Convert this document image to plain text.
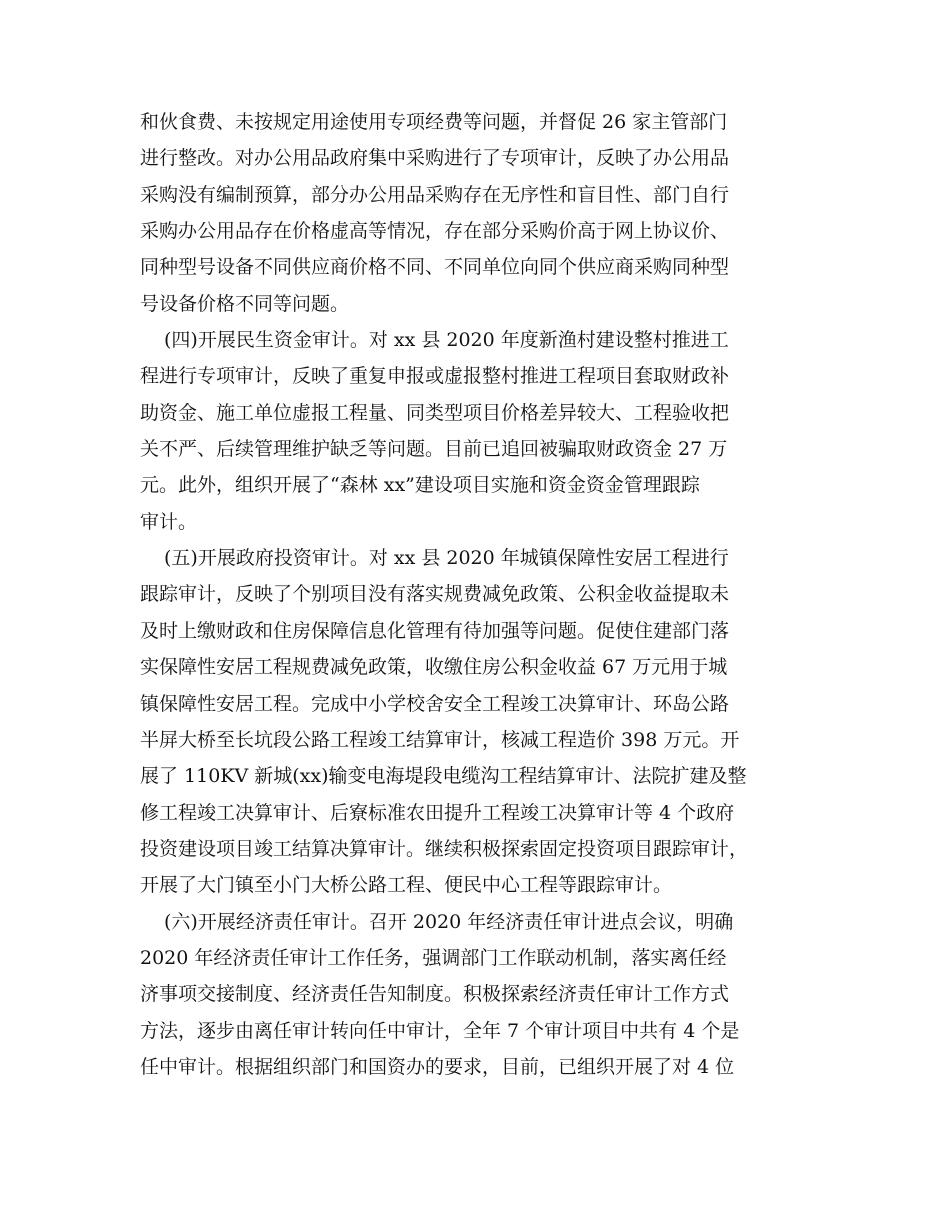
和伙食费、未按规定用途使用专项经费等问题，并督促 26 家主管部门
进行整改。对办公用品政府集中采购进行了专项审计，反映了办公用品
采购没有编制预算，部分办公用品采购存在无序性和盲目性、部门自行
采购办公用品存在价格虚高等情况，存在部分采购价高于网上协议价、
同种型号设备不同供应商价格不同、不同单位向同个供应商采购同种型
号设备价格不同等问题。
(四)开展民生资金审计。对 xx 县 2020 年度新渔村建设整村推进工
程进行专项审计，反映了重复申报或虚报整村推进工程项目套取财政补
助资金、施工单位虚报工程量、同类型项目价格差异较大、工程验收把
关不严、后续管理维护缺乏等问题。目前已追回被骗取财政资金 27 万
元。此外，组织开展了“森林 xx”建设项目实施和资金资金管理跟踪
审计。
(五)开展政府投资审计。对 xx 县 2020 年城镇保障性安居工程进行
跟踪审计，反映了个别项目没有落实规费减免政策、公积金收益提取未
及时上缴财政和住房保障信息化管理有待加强等问题。促使住建部门落
实保障性安居工程规费减免政策，收缴住房公积金收益 67 万元用于城
镇保障性安居工程。完成中小学校舍安全工程竣工决算审计、环岛公路
半屏大桥至长坑段公路工程竣工结算审计，核减工程造价 398 万元。开
展了 110KV 新城(xx)输变电海堤段电缆沟工程结算审计、法院扩建及整
修工程竣工决算审计、后寮标准农田提升工程竣工决算审计等 4 个政府
投资建设项目竣工结算决算审计。继续积极探索固定投资项目跟踪审计，
开展了大门镇至小门大桥公路工程、便民中心工程等跟踪审计。
(六)开展经济责任审计。召开 2020 年经济责任审计进点会议，明确
2020 年经济责任审计工作任务，强调部门工作联动机制，落实离任经
济事项交接制度、经济责任告知制度。积极探索经济责任审计工作方式
方法，逐步由离任审计转向任中审计，全年 7 个审计项目中共有 4 个是
任中审计。根据组织部门和国资办的要求，目前，已组织开展了对 4 位
